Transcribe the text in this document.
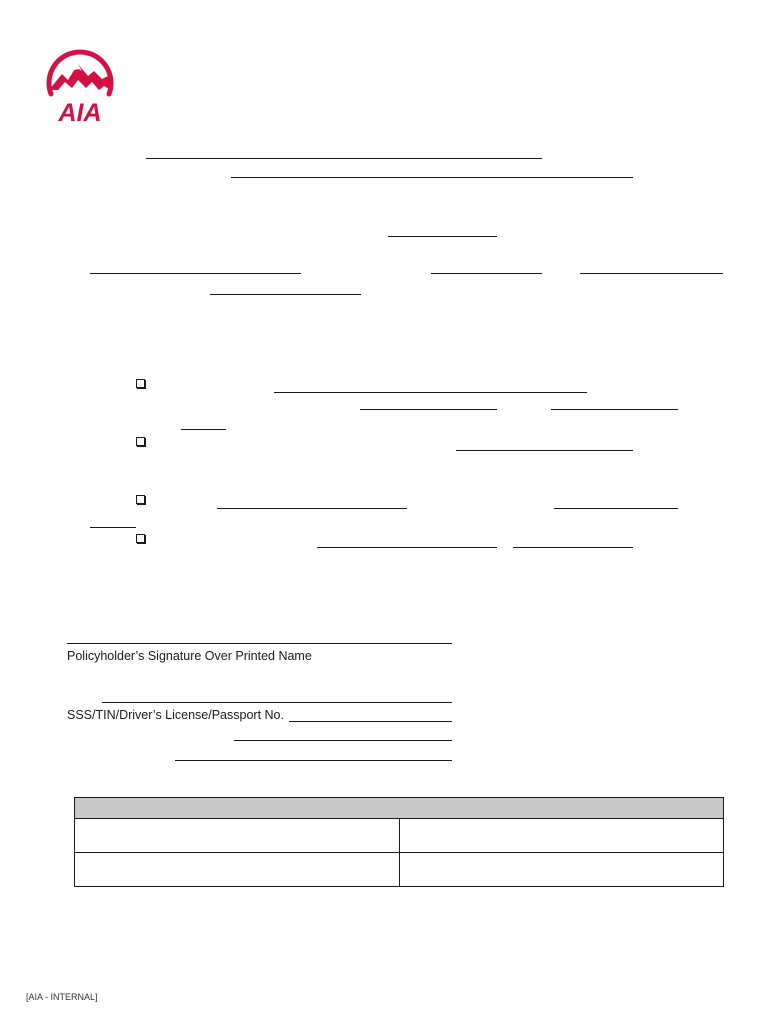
AIA
Policyholder’s Signature Over Printed Name
SSS/TIN/Driver’s License/Passport No.

[AIA - INTERNAL]
